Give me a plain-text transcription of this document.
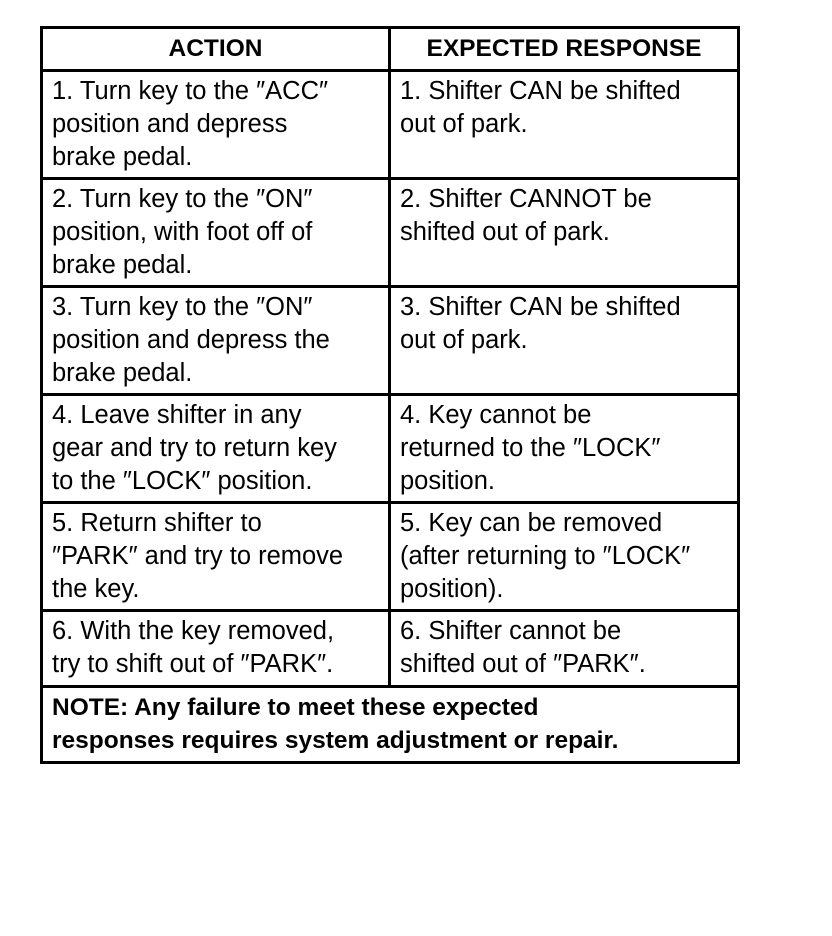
ACTION	EXPECTED RESPONSE
1. Turn key to the ″ACC″
position and depress
brake pedal.	1. Shifter CAN be shifted
out of park.
2. Turn key to the ″ON″
position, with foot off of
brake pedal.	2. Shifter CANNOT be
shifted out of park.
3. Turn key to the ″ON″
position and depress the
brake pedal.	3. Shifter CAN be shifted
out of park.
4. Leave shifter in any
gear and try to return key
to the ″LOCK″ position.	4. Key cannot be
returned to the ″LOCK″
position.
5. Return shifter to
″PARK″ and try to remove
the key.	5. Key can be removed
(after returning to ″LOCK″
position).
6. With the key removed,
try to shift out of ″PARK″.	6. Shifter cannot be
shifted out of ″PARK″.
NOTE: Any failure to meet these expected
responses requires system adjustment or repair.	
